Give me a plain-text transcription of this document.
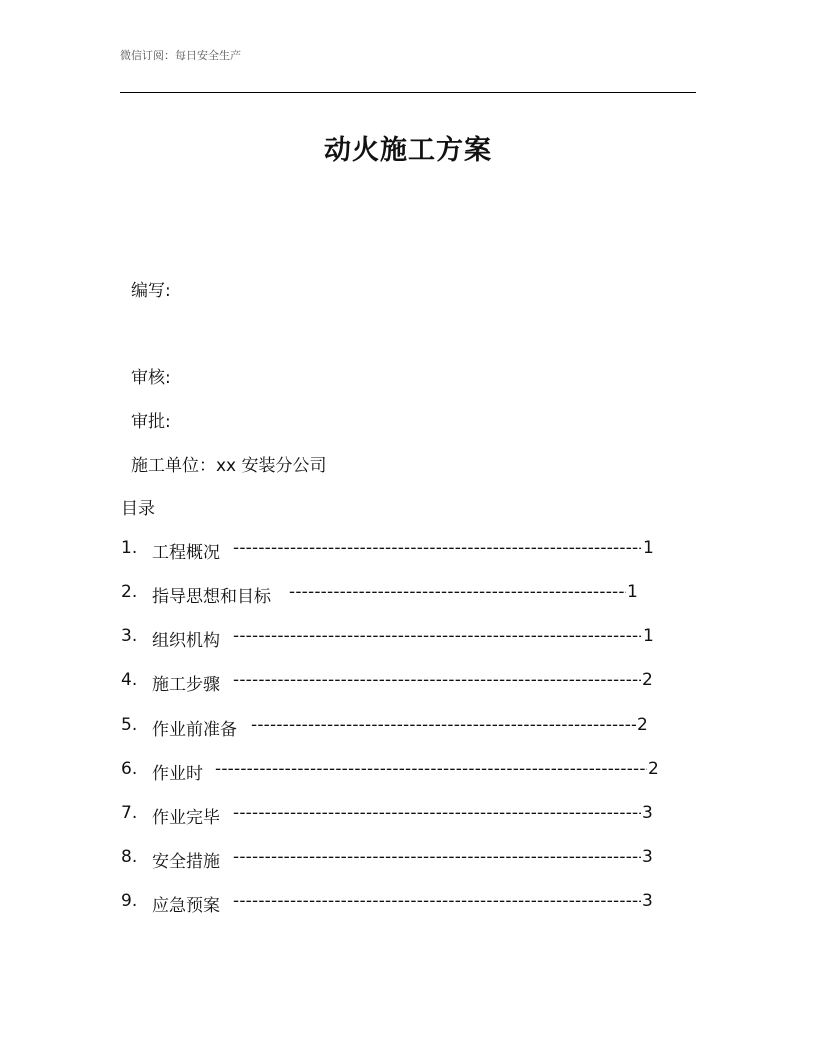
微信订阅：每日安全生产
动火施工方案
编写:
审核:
审批:
施工单位：xx 安装分公司
目录
1. 工程概况 -----	1
2. 指导思想和目标 -----	1
3. 组织机构 -----	1
4. 施工步骤 -----	2
5. 作业前准备 -----	2
6. 作业时 -----	2
7. 作业完毕 -----	3
8. 安全措施 -----	3
9. 应急预案 -----	3
